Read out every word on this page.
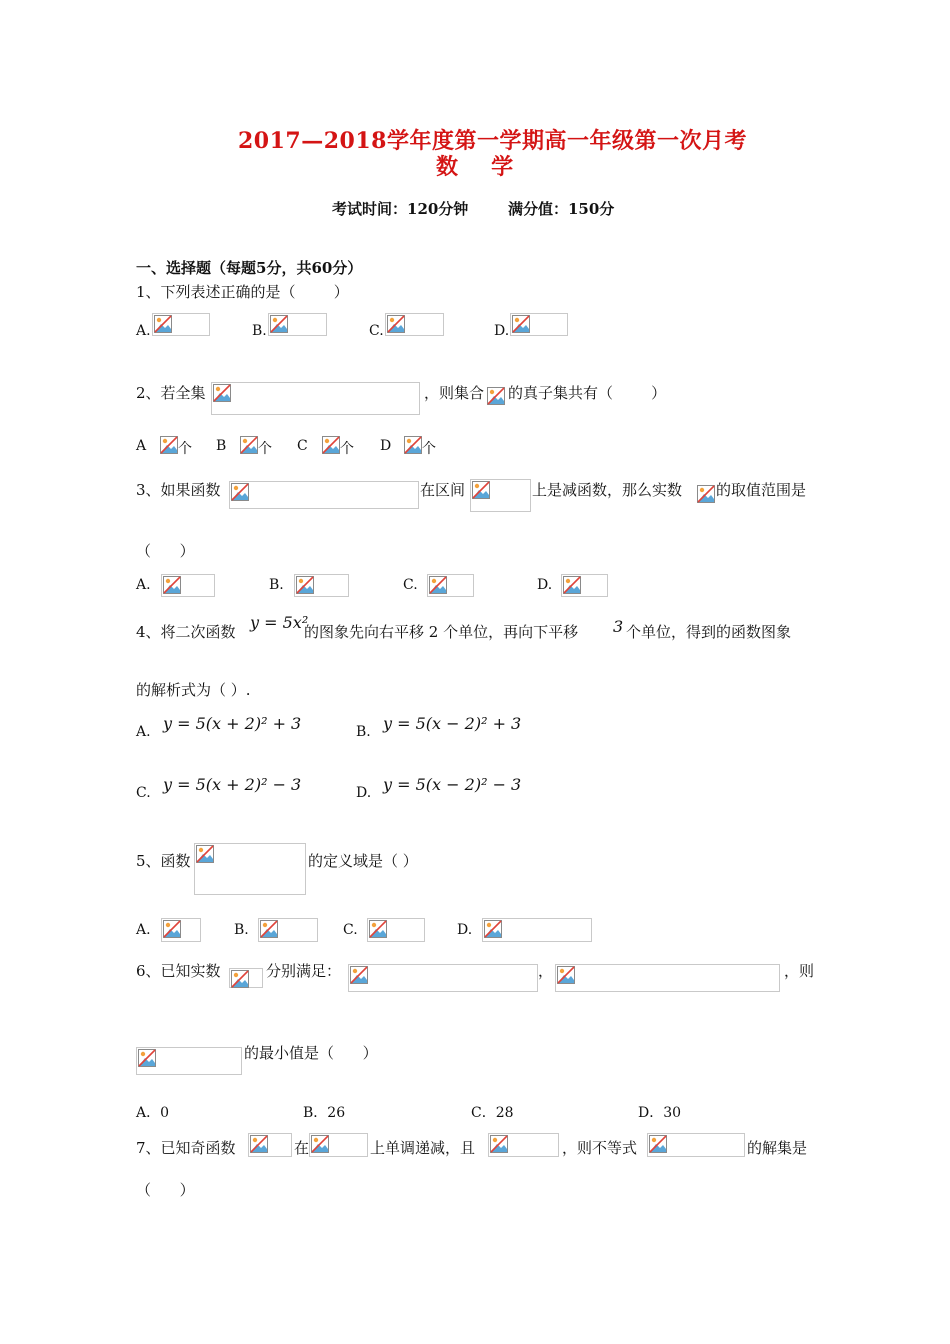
2017—2018学年度第一学期高一年级第一次月考
数    学
考试时间：120分钟	满分值：150分
一、选择题（每题5分，共60分）
1、下列表述正确的是（        ）
A.	B.	C.	D.
2、若全集	，则集合 的真子集共有（        ）
A 个 B 个 C 个 D 个
3、如果函数	在区间	上是减函数，那么实数 的取值范围是
（      ）
A.	B.	C.	D.
4、将二次函数 y = 5x²
的图象先向右平移 2 个单位，再向下平移 3 个单位，得到的函数图象
的解析式为（ ）.
A. y = 5(x + 2)² + 3	B. y = 5(x − 2)² + 3
C. y = 5(x + 2)² − 3	D. y = 5(x − 2)² − 3
5、函数	的定义域是（ ）
A.	B.	C.	D.
6、已知实数	分别满足：	，	，则
的最小值是（      ）
A．0	B．26	C．28	D．30
7、已知奇函数	在	上单调递减，且	，则不等式	的解集是
（      ）
